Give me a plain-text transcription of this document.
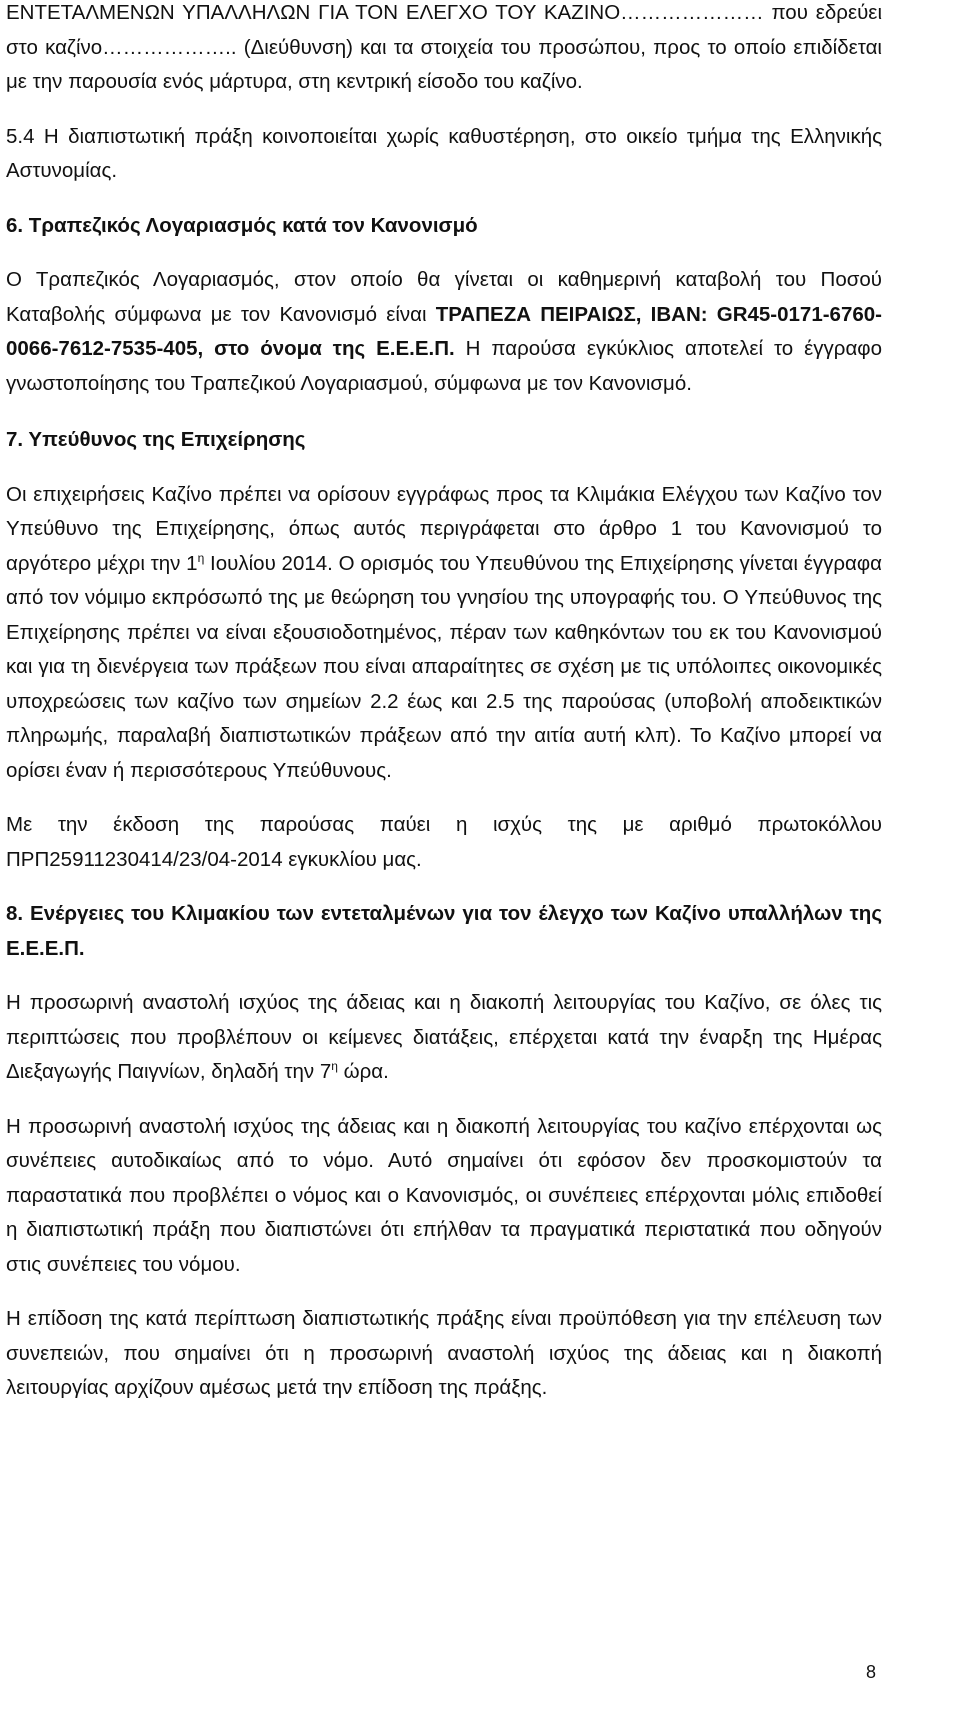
ΕΝΤΕΤΑΛΜΕΝΩΝ ΥΠΑΛΛΗΛΩΝ ΓΙΑ ΤΟΝ ΕΛΕΓΧΟ ΤΟΥ ΚΑΖΙΝΟ………………… που εδρεύει στο καζίνο……………….. (Διεύθυνση) και τα στοιχεία του προσώπου, προς το οποίο επιδίδεται με την παρουσία ενός μάρτυρα, στη κεντρική είσοδο του καζίνο.

5.4 Η διαπιστωτική πράξη κοινοποιείται χωρίς καθυστέρηση, στο οικείο τμήμα της Ελληνικής Αστυνομίας.

6. Τραπεζικός Λογαριασμός κατά τον Κανονισμό

Ο Τραπεζικός Λογαριασμός, στον οποίο θα γίνεται οι καθημερινή καταβολή του Ποσού Καταβολής σύμφωνα με τον Κανονισμό είναι ΤΡΑΠΕΖΑ ΠΕΙΡΑΙΩΣ, IBAN: GR45-0171-6760-0066-7612-7535-405, στο όνομα της Ε.Ε.Ε.Π. Η παρούσα εγκύκλιος αποτελεί το έγγραφο γνωστοποίησης του Τραπεζικού Λογαριασμού, σύμφωνα με τον Κανονισμό.

7. Υπεύθυνος της Επιχείρησης

Οι επιχειρήσεις Καζίνο πρέπει να ορίσουν εγγράφως προς τα Κλιμάκια Ελέγχου των Καζίνο τον Υπεύθυνο της Επιχείρησης, όπως αυτός περιγράφεται στο άρθρο 1 του Κανονισμού το αργότερο μέχρι την $1^\eta$ Ιουλίου 2014. Ο ορισμός του Υπευθύνου της Επιχείρησης γίνεται έγγραφα από τον νόμιμο εκπρόσωπό της με θεώρηση του γνησίου της υπογραφής του. Ο Υπεύθυνος της Επιχείρησης πρέπει να είναι εξουσιοδοτημένος, πέραν των καθηκόντων του εκ του Κανονισμού και για τη διενέργεια των πράξεων που είναι απαραίτητες σε σχέση με τις υπόλοιπες οικονομικές υποχρεώσεις των καζίνο των σημείων 2.2 έως και 2.5 της παρούσας (υποβολή αποδεικτικών πληρωμής, παραλαβή διαπιστωτικών πράξεων από την αιτία αυτή κλπ). Το Καζίνο μπορεί να ορίσει έναν ή περισσότερους Υπεύθυνους.

Με την έκδοση της παρούσας παύει η ισχύς της με αριθμό πρωτοκόλλου ΠΡΠ25911230414/23/04-2014 εγκυκλίου μας.

8. Ενέργειες του Κλιμακίου των εντεταλμένων για τον έλεγχο των Καζίνο υπαλλήλων της Ε.Ε.Ε.Π.

Η προσωρινή αναστολή ισχύος της άδειας και η διακοπή λειτουργίας του Καζίνο, σε όλες τις περιπτώσεις που προβλέπουν οι κείμενες διατάξεις, επέρχεται κατά την έναρξη της Ημέρας Διεξαγωγής Παιγνίων, δηλαδή την $7^\eta$ ώρα.

Η προσωρινή αναστολή ισχύος της άδειας και η διακοπή λειτουργίας του καζίνο επέρχονται ως συνέπειες αυτοδικαίως από το νόμο. Αυτό σημαίνει ότι εφόσον δεν προσκομιστούν τα παραστατικά που προβλέπει ο νόμος και ο Κανονισμός, οι συνέπειες επέρχονται μόλις επιδοθεί η διαπιστωτική πράξη που διαπιστώνει ότι επήλθαν τα πραγματικά περιστατικά που οδηγούν στις συνέπειες του νόμου.

Η επίδοση της κατά περίπτωση διαπιστωτικής πράξης είναι προϋπόθεση για την επέλευση των συνεπειών, που σημαίνει ότι η προσωρινή αναστολή ισχύος της άδειας και η διακοπή λειτουργίας αρχίζουν αμέσως μετά την επίδοση της πράξης.

8
